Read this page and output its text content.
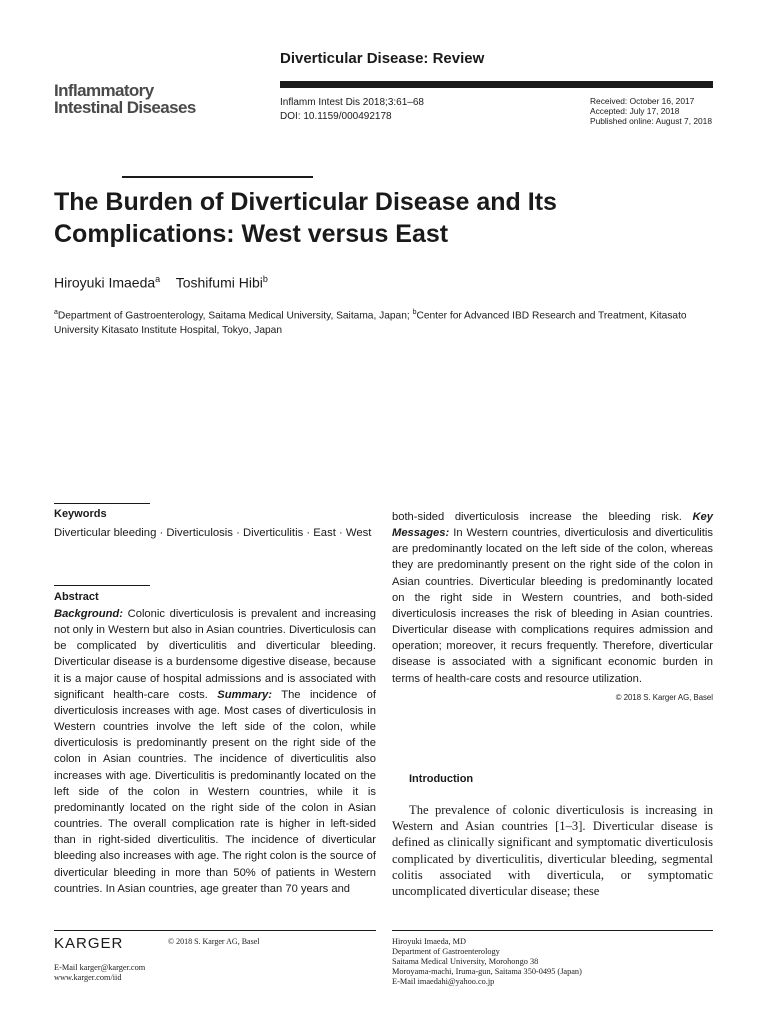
Diverticular Disease: Review
Inflammatory
Intestinal Diseases	Inflamm Intest Dis 2018;3:61–68
DOI: 10.1159/000492178
Received: October 16, 2017
Accepted: July 17, 2018
Published online: August 7, 2018
The Burden of Diverticular Disease and Its Complications: West versus East
Hiroyuki Imaeda$^a$ Toshifumi Hibi$^b$
$^a$Department of Gastroenterology, Saitama Medical University, Saitama, Japan; $^b$Center for Advanced IBD Research and Treatment, Kitasato University Kitasato Institute Hospital, Tokyo, Japan
Keywords
Diverticular bleeding · Diverticulosis · Diverticulitis · East · West
Abstract
Background: Colonic diverticulosis is prevalent and increasing not only in Western but also in Asian countries. Diverticulosis can be complicated by diverticulitis and diverticular bleeding. Diverticular disease is a burdensome digestive disease, because it is a major cause of hospital admissions and is associated with significant health-care costs. Summary: The incidence of diverticulosis increases with age. Most cases of diverticulosis in Western countries involve the left side of the colon, while diverticulosis is predominantly present on the right side of the colon in Asian countries. The incidence of diverticulitis also increases with age. Diverticulitis is predominantly located on the left side of the colon in Western countries, while it is predominantly located on the right side of the colon in Asian countries. The overall complication rate is higher in left-sided than in right-sided diverticulitis. The incidence of diverticular bleeding also increases with age. The right colon is the source of diverticular bleeding in more than 50% of patients in Western countries. In Asian countries, age greater than 70 years and
both-sided diverticulosis increase the bleeding risk. Key Messages: In Western countries, diverticulosis and diverticulitis are predominantly located on the left side of the colon, whereas they are predominantly present on the right side of the colon in Asian countries. Diverticular bleeding is predominantly located on the right side in Western countries, and both-sided diverticulosis increases the risk of bleeding in Asian countries. Diverticular disease with complications requires admission and operation; moreover, it recurs frequently. Therefore, diverticular disease is associated with a significant economic burden in terms of health-care costs and resource utilization.
© 2018 S. Karger AG, Basel
Introduction
The prevalence of colonic diverticulosis is increasing in Western and Asian countries [1–3]. Diverticular disease is defined as clinically significant and symptomatic diverticulosis complicated by diverticulitis, diverticular bleeding, segmental colitis associated with diverticula, or symptomatic uncomplicated diverticular disease; these
KARGER	© 2018 S. Karger AG, Basel
E-Mail karger@karger.com
www.karger.com/iid
Hiroyuki Imaeda, MD
Department of Gastroenterology
Saitama Medical University, Morohongo 38
Moroyama-machi, Iruma-gun, Saitama 350-0495 (Japan)
E-Mail imaedahi@yahoo.co.jp
